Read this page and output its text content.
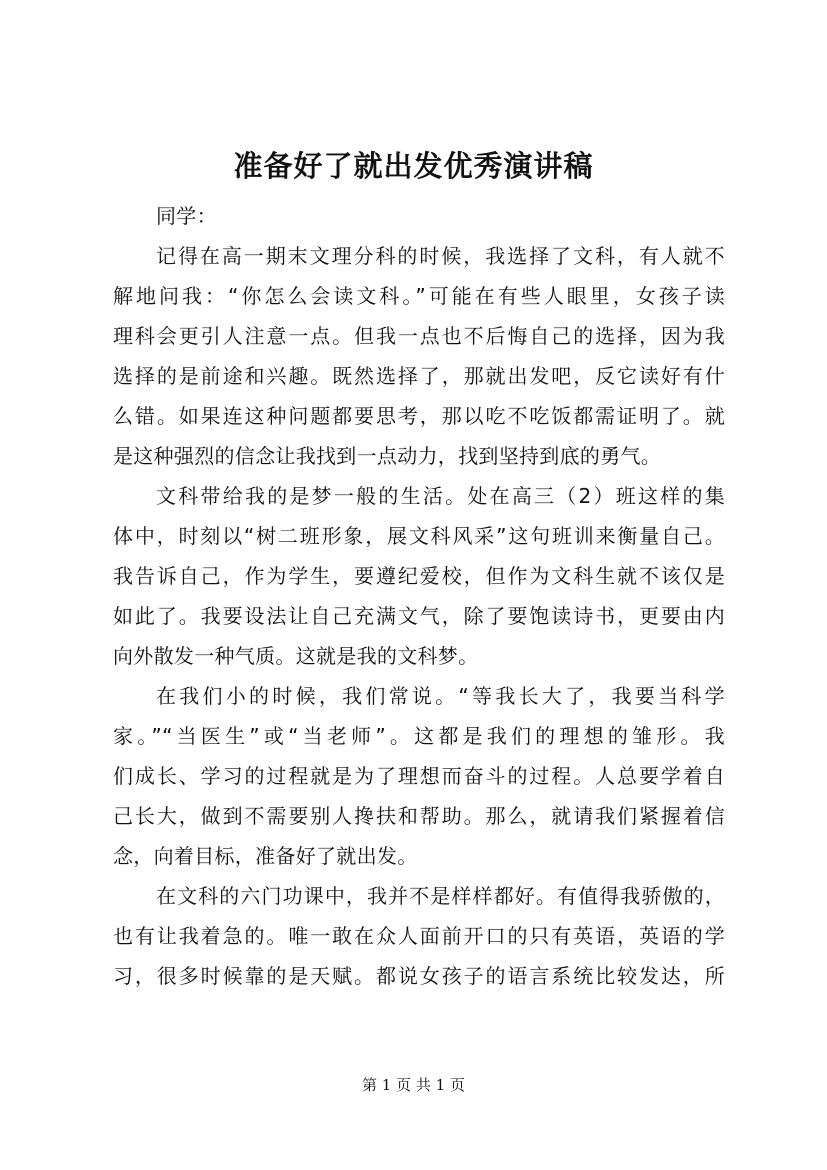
准备好了就出发优秀演讲稿
同学：
记得在高一期末文理分科的时候，我选择了文科，有人就不
解地问我：“你怎么会读文科。”可能在有些人眼里，女孩子读
理科会更引人注意一点。但我一点也不后悔自己的选择，因为我
选择的是前途和兴趣。既然选择了，那就出发吧，反它读好有什
么错。如果连这种问题都要思考，那以吃不吃饭都需证明了。就
是这种强烈的信念让我找到一点动力，找到坚持到底的勇气。
文科带给我的是梦一般的生活。处在高三（2）班这样的集
体中，时刻以“树二班形象，展文科风采”这句班训来衡量自己。
我告诉自己，作为学生，要遵纪爱校，但作为文科生就不该仅是
如此了。我要设法让自己充满文气，除了要饱读诗书，更要由内
向外散发一种气质。这就是我的文科梦。
在我们小的时候，我们常说。“等我长大了，我要当科学
家。”“当医生”或“当老师”。这都是我们的理想的雏形。我
们成长、学习的过程就是为了理想而奋斗的过程。人总要学着自
己长大，做到不需要别人搀扶和帮助。那么，就请我们紧握着信
念，向着目标，准备好了就出发。
在文科的六门功课中，我并不是样样都好。有值得我骄傲的，
也有让我着急的。唯一敢在众人面前开口的只有英语，英语的学
习，很多时候靠的是天赋。都说女孩子的语言系统比较发达，所
第 1 页 共 1 页
